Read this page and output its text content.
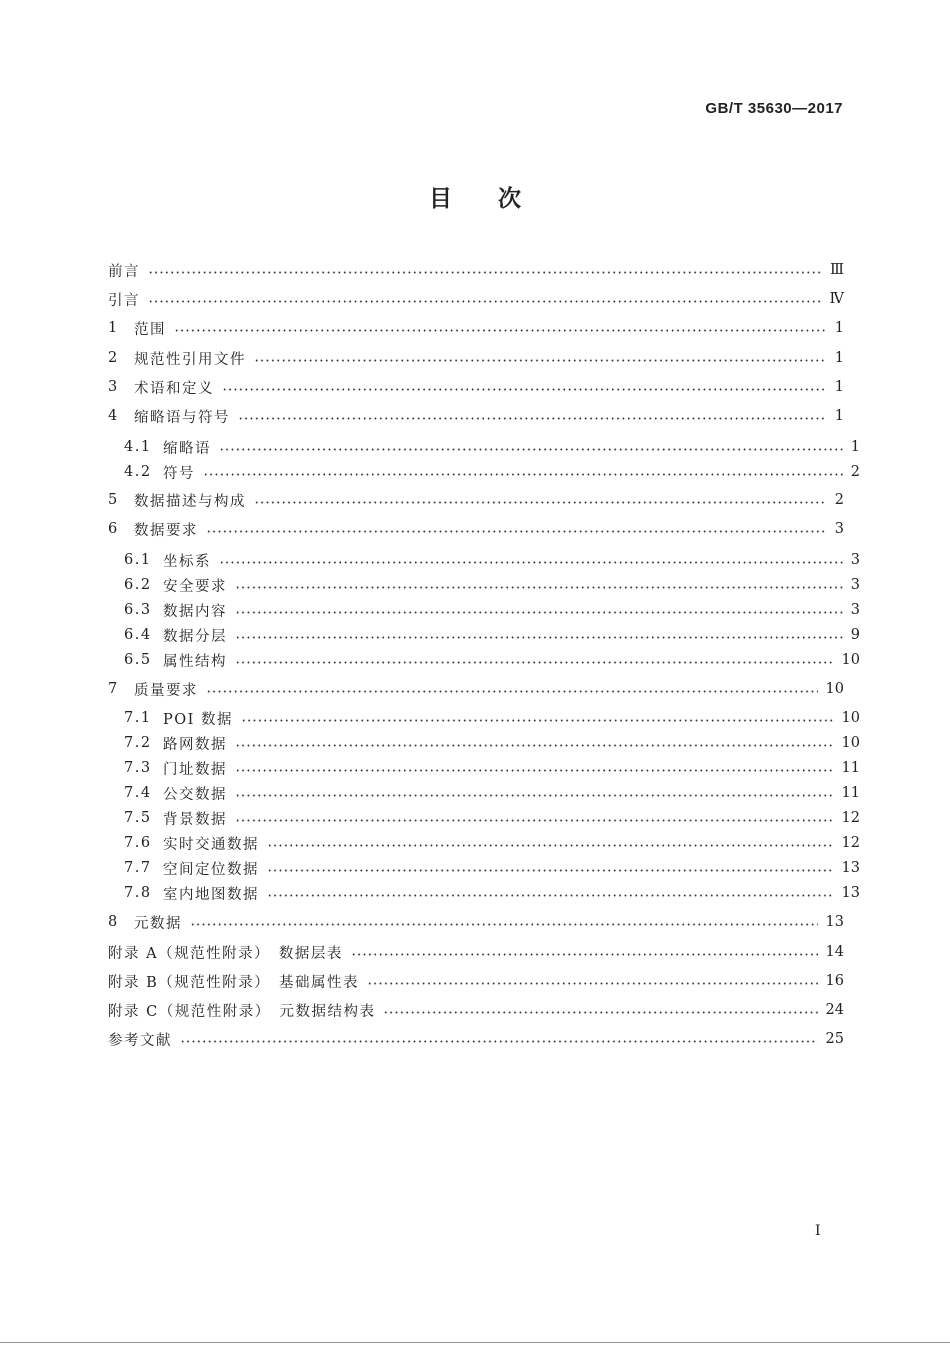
GB/T 35630—2017
目次
前言	Ⅲ
引言	Ⅳ
1	范围	1
2	规范性引用文件	1
3	术语和定义	1
4	缩略语与符号	1
4.1 缩略语	1
4.2 符号	2
5	数据描述与构成	2
6	数据要求	3
6.1 坐标系	3
6.2 安全要求	3
6.3 数据内容	3
6.4 数据分层	9
6.5 属性结构	10
7	质量要求	10
7.1 POI 数据	10
7.2 路网数据	10
7.3 门址数据	11
7.4 公交数据	11
7.5 背景数据	12
7.6 实时交通数据	12
7.7 空间定位数据	13
7.8 室内地图数据	13
8	元数据	13
附录 A（规范性附录）　数据层表	14
附录 B（规范性附录）　基础属性表	16
附录 C（规范性附录）　元数据结构表	24
参考文献	25
I
